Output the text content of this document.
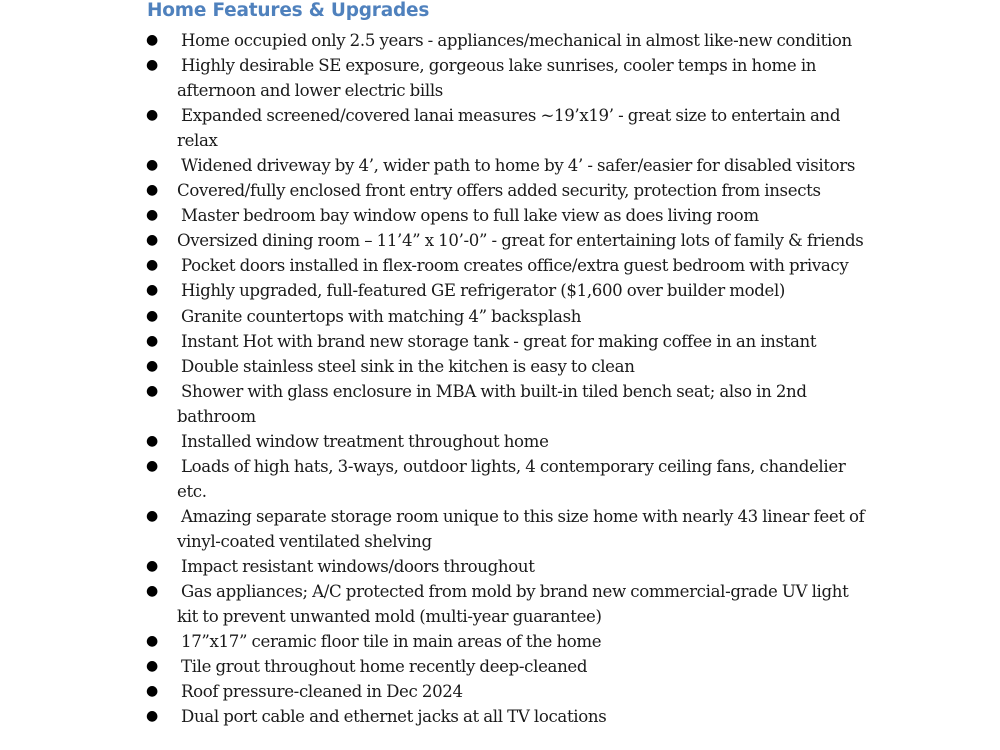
Home Features & Upgrades
● Home occupied only 2.5 years - appliances/mechanical in almost like-new condition
● Highly desirable SE exposure, gorgeous lake sunrises, cooler temps in home in afternoon and lower electric bills
● Expanded screened/covered lanai measures ~19’x19’ - great size to entertain and relax
● Widened driveway by 4’, wider path to home by 4’ - safer/easier for disabled visitors
● Covered/fully enclosed front entry offers added security, protection from insects
● Master bedroom bay window opens to full lake view as does living room
● Oversized dining room – 11’4” x 10’-0” - great for entertaining lots of family & friends
● Pocket doors installed in flex-room creates office/extra guest bedroom with privacy
● Highly upgraded, full-featured GE refrigerator ($1,600 over builder model)
● Granite countertops with matching 4” backsplash
● Instant Hot with brand new storage tank - great for making coffee in an instant
● Double stainless steel sink in the kitchen is easy to clean
● Shower with glass enclosure in MBA with built-in tiled bench seat; also in 2nd bathroom
● Installed window treatment throughout home
● Loads of high hats, 3-ways, outdoor lights, 4 contemporary ceiling fans, chandelier etc.
● Amazing separate storage room unique to this size home with nearly 43 linear feet of vinyl-coated ventilated shelving
● Impact resistant windows/doors throughout
● Gas appliances; A/C protected from mold by brand new commercial-grade UV light kit to prevent unwanted mold (multi-year guarantee)
● 17”x17” ceramic floor tile in main areas of the home
● Tile grout throughout home recently deep-cleaned
● Roof pressure-cleaned in Dec 2024
● Dual port cable and ethernet jacks at all TV locations
